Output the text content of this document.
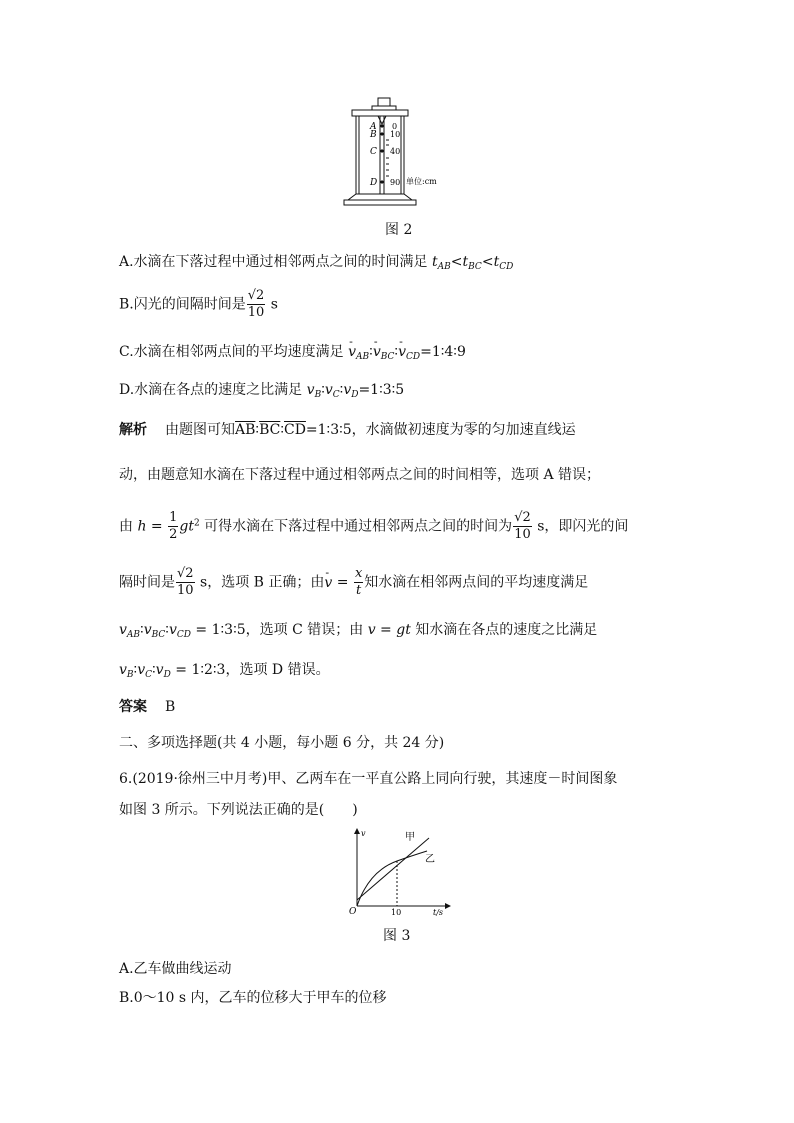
A
B
C
D
0
10
40
90 单位:cm
图 2
A.水滴在下落过程中通过相邻两点之间的时间满足 $t_{AB}<t_{BC}<t_{CD}$
B.闪光的间隔时间是 $\frac{√2}{10}$ s
C.水滴在相邻两点间的平均速度满足 - $v_{AB}∶-$ $v_{BC}∶-$ $v_{CD}=1∶4∶9$
D.水滴在各点的速度之比满足 $v_B∶v_C∶v_D=1∶3∶5$
解析 由题图可知$\overline{AB}∶\overline{BC}∶\overline{CD}=1∶3∶5$，水滴做初速度为零的匀加速直线运
动，由题意知水滴在下落过程中通过相邻两点之间的时间相等，选项 A 错误；
由 $h = \frac{1}{2} gt^2$ 可得水滴在下落过程中通过相邻两点之间的时间为 $\frac{√2}{10}$ s，即闪光的间
隔时间是 $\frac{√2}{10}$ s，选项 B 正确；由- $v = \frac{x}{t}$ 知水滴在相邻两点间的平均速度满足
$v_{AB}∶v_{BC}∶v_{CD}$ = 1∶3∶5，选项 C 错误；由 v = gt 知水滴在各点的速度之比满足
$v_B∶v_C∶v_D$ = 1∶2∶3，选项 D 错误。
答案 B
二、多项选择题(共 4 小题，每小题 6 分，共 24 分)
6.(2019·徐州三中月考)甲、乙两车在一平直公路上同向行驶，其速度－时间图象
如图 3 所示。下列说法正确的是(　　)
v
t/s
O	10
甲
乙
图 3
A.乙车做曲线运动
B.0～10 s 内，乙车的位移大于甲车的位移
